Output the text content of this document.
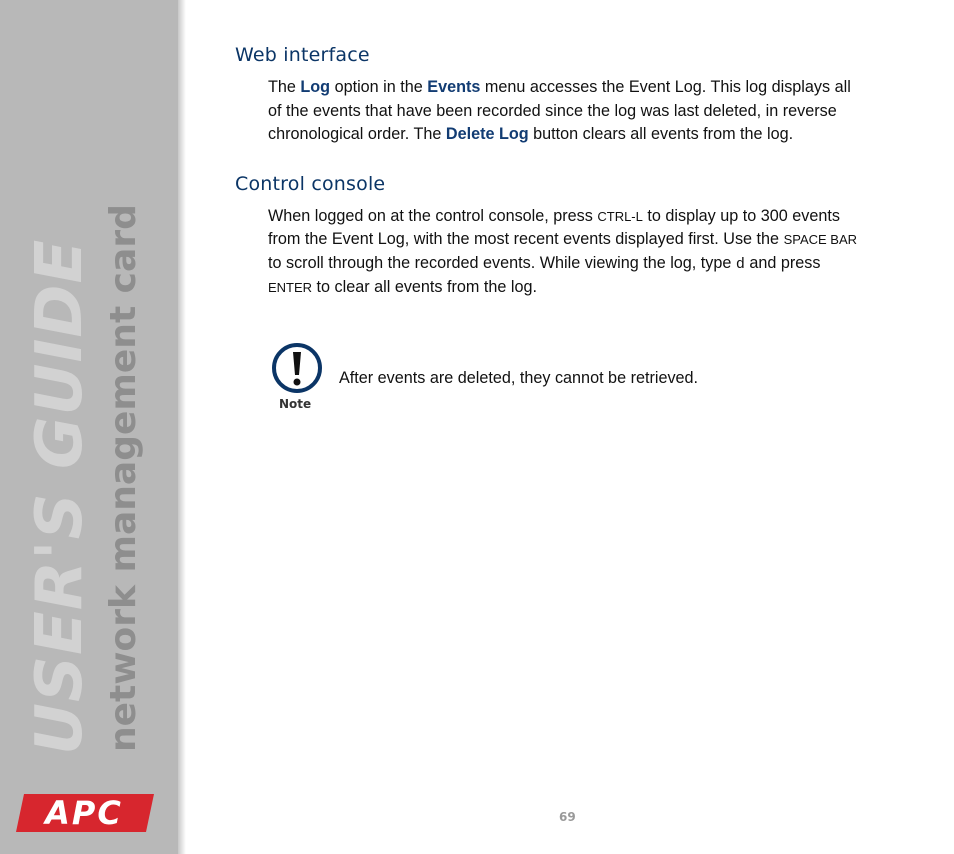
USER'S GUIDE network management card
APC
Web interface

The Log option in the Events menu accesses the Event Log. This log displays all of the events that have been recorded since the log was last deleted, in reverse chronological order. The Delete Log button clears all events from the log.

Control console

When logged on at the control console, press CTRL-L to display up to 300 events from the Event Log, with the most recent events displayed first. Use the SPACE BAR to scroll through the recorded events. While viewing the log, type d and press ENTER to clear all events from the log.

Note
After events are deleted, they cannot be retrieved.
69
